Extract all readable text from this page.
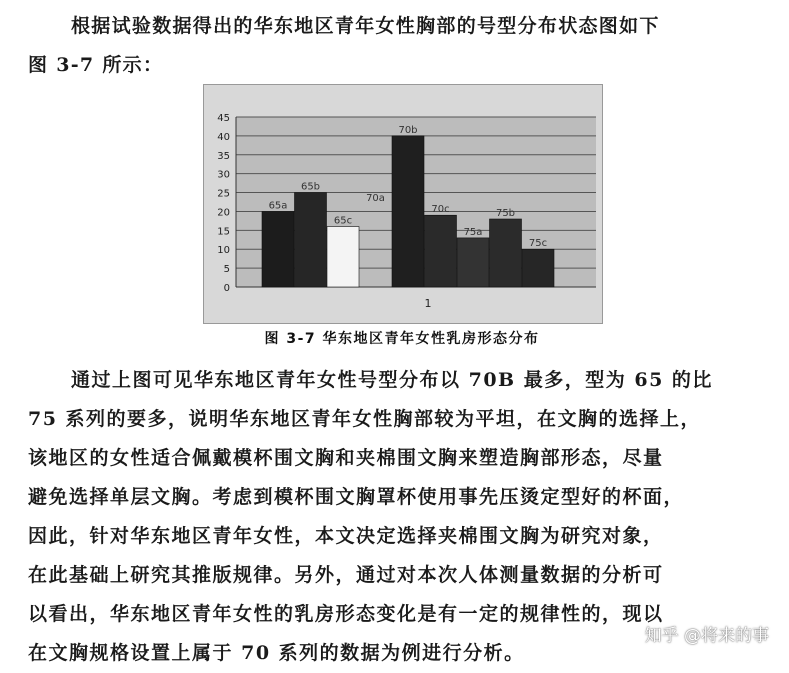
根据试验数据得出的华东地区青年女性胸部的号型分布状态图如下
图 3-7 所示：
0
5
10
15
20
25
30
35
40
45
65a
65b
65c
70a
70b
70c
75a
75b
75c
1
图 3-7 华东地区青年女性乳房形态分布
通过上图可见华东地区青年女性号型分布以 70B 最多，型为 65 的比
75 系列的要多，说明华东地区青年女性胸部较为平坦，在文胸的选择上，
该地区的女性适合佩戴模杯围文胸和夹棉围文胸来塑造胸部形态，尽量
避免选择单层文胸。考虑到模杯围文胸罩杯使用事先压烫定型好的杯面，
因此，针对华东地区青年女性，本文决定选择夹棉围文胸为研究对象，
在此基础上研究其推版规律。另外，通过对本次人体测量数据的分析可
以看出，华东地区青年女性的乳房形态变化是有一定的规律性的，现以
在文胸规格设置上属于 70 系列的数据为例进行分析。
知乎 @将来的事
